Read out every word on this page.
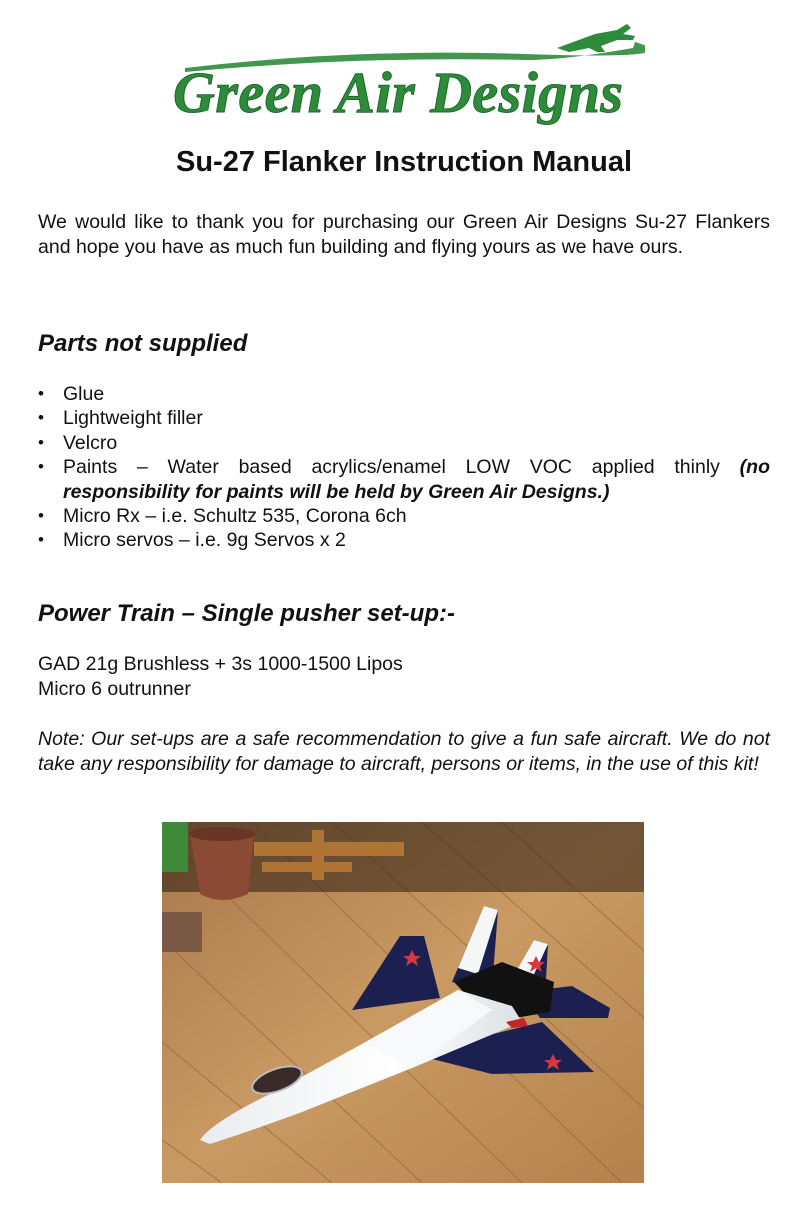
Green Air Designs
Su-27 Flanker Instruction Manual

We would like to thank you for purchasing our Green Air Designs Su-27 Flankers and hope you have as much fun building and flying yours as we have ours.

Parts not supplied
• Glue
• Lightweight filler
• Velcro
• Paints – Water based acrylics/enamel LOW VOC applied thinly (no responsibility for paints will be held by Green Air Designs.)
• Micro Rx – i.e. Schultz 535, Corona 6ch
• Micro servos – i.e. 9g Servos x 2
Power Train – Single pusher set-up:-

GAD 21g Brushless + 3s 1000-1500 Lipos
Micro 6 outrunner

Note: Our set-ups are a safe recommendation to give a fun safe aircraft. We do not take any responsibility for damage to aircraft, persons or items, in the use of this kit!
